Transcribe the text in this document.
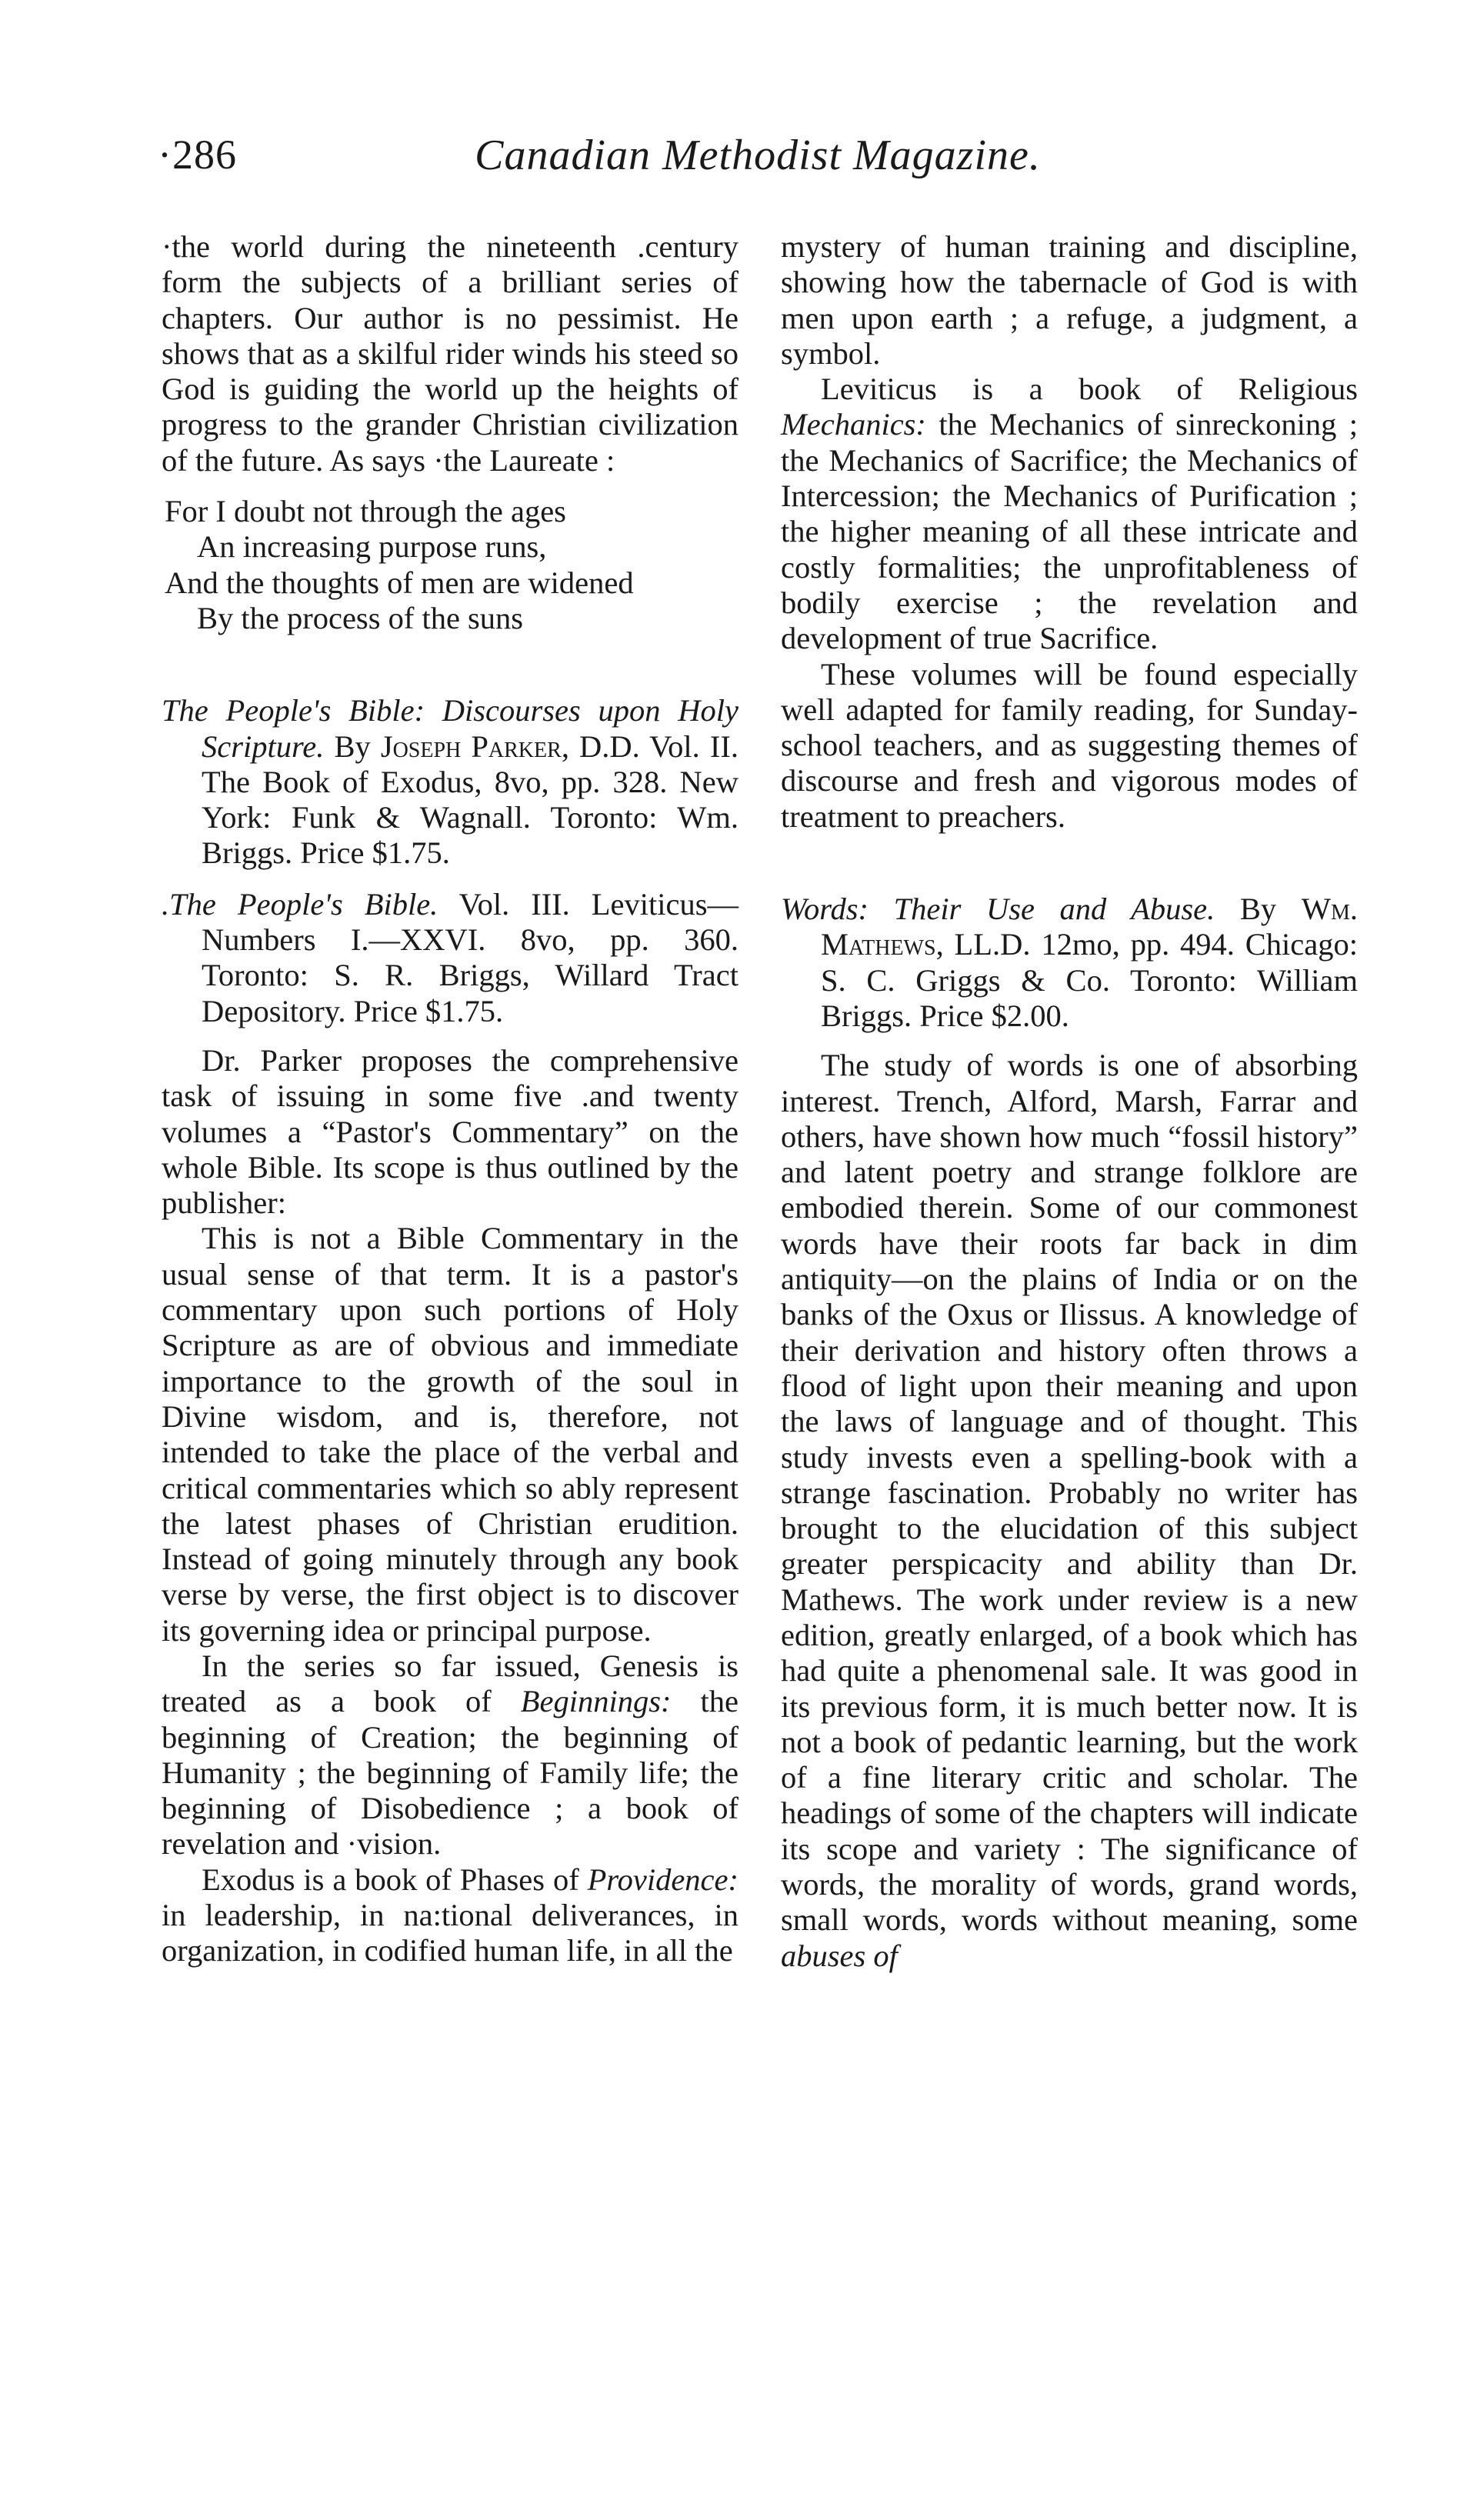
·286	Canadian Methodist Magazine.

·the world during the nineteenth .century form the subjects of a brilliant series of chapters. Our author is no pessimist. He shows that as a skilful rider winds his steed so God is guiding the world up the heights of progress to the grander Christian civilization of the future. As says ·the Laureate :

For I doubt not through the ages
An increasing purpose runs,
And the thoughts of men are widened
By the process of the suns

The People's Bible: Discourses upon Holy Scripture. By Joseph Parker, D.D. Vol. II. The Book of Exodus, 8vo, pp. 328. New York: Funk & Wagnall. Toronto: Wm. Briggs. Price $1.75.

.The People's Bible. Vol. III. Leviticus—Numbers I.—XXVI. 8vo, pp. 360. Toronto: S. R. Briggs, Willard Tract Depository. Price $1.75.

Dr. Parker proposes the comprehensive task of issuing in some five .and twenty volumes a “Pastor's Commentary” on the whole Bible. Its scope is thus outlined by the publisher:

This is not a Bible Commentary in the usual sense of that term. It is a pastor's commentary upon such portions of Holy Scripture as are of obvious and immediate importance to the growth of the soul in Divine wisdom, and is, therefore, not intended to take the place of the verbal and critical commentaries which so ably represent the latest phases of Christian erudition. Instead of going minutely through any book verse by verse, the first object is to discover its governing idea or principal purpose.

In the series so far issued, Genesis is treated as a book of Beginnings: the beginning of Creation; the beginning of Humanity ; the beginning of Family life; the beginning of Disobedience ; a book of revelation and ·vision.

Exodus is a book of Phases of Providence: in leadership, in na:tional deliverances, in organization, in codified human life, in all the

mystery of human training and discipline, showing how the tabernacle of God is with men upon earth ; a refuge, a judgment, a symbol.

Leviticus is a book of Religious Mechanics: the Mechanics of sinreckoning ; the Mechanics of Sacrifice; the Mechanics of Intercession; the Mechanics of Purification ; the higher meaning of all these intricate and costly formalities; the unprofitableness of bodily exercise ; the revelation and development of true Sacrifice.

These volumes will be found especially well adapted for family reading, for Sunday-school teachers, and as suggesting themes of discourse and fresh and vigorous modes of treatment to preachers.

Words: Their Use and Abuse. By Wm. Mathews, LL.D. 12mo, pp. 494. Chicago: S. C. Griggs & Co. Toronto: William Briggs. Price $2.00.

The study of words is one of absorbing interest. Trench, Alford, Marsh, Farrar and others, have shown how much “fossil history” and latent poetry and strange folklore are embodied therein. Some of our commonest words have their roots far back in dim antiquity—on the plains of India or on the banks of the Oxus or Ilissus. A knowledge of their derivation and history often throws a flood of light upon their meaning and upon the laws of language and of thought. This study invests even a spelling-book with a strange fascination. Probably no writer has brought to the elucidation of this subject greater perspicacity and ability than Dr. Mathews. The work under review is a new edition, greatly enlarged, of a book which has had quite a phenomenal sale. It was good in its previous form, it is much better now. It is not a book of pedantic learning, but the work of a fine literary critic and scholar. The headings of some of the chapters will indicate its scope and variety : The significance of words, the morality of words, grand words, small words, words without meaning, some abuses of
